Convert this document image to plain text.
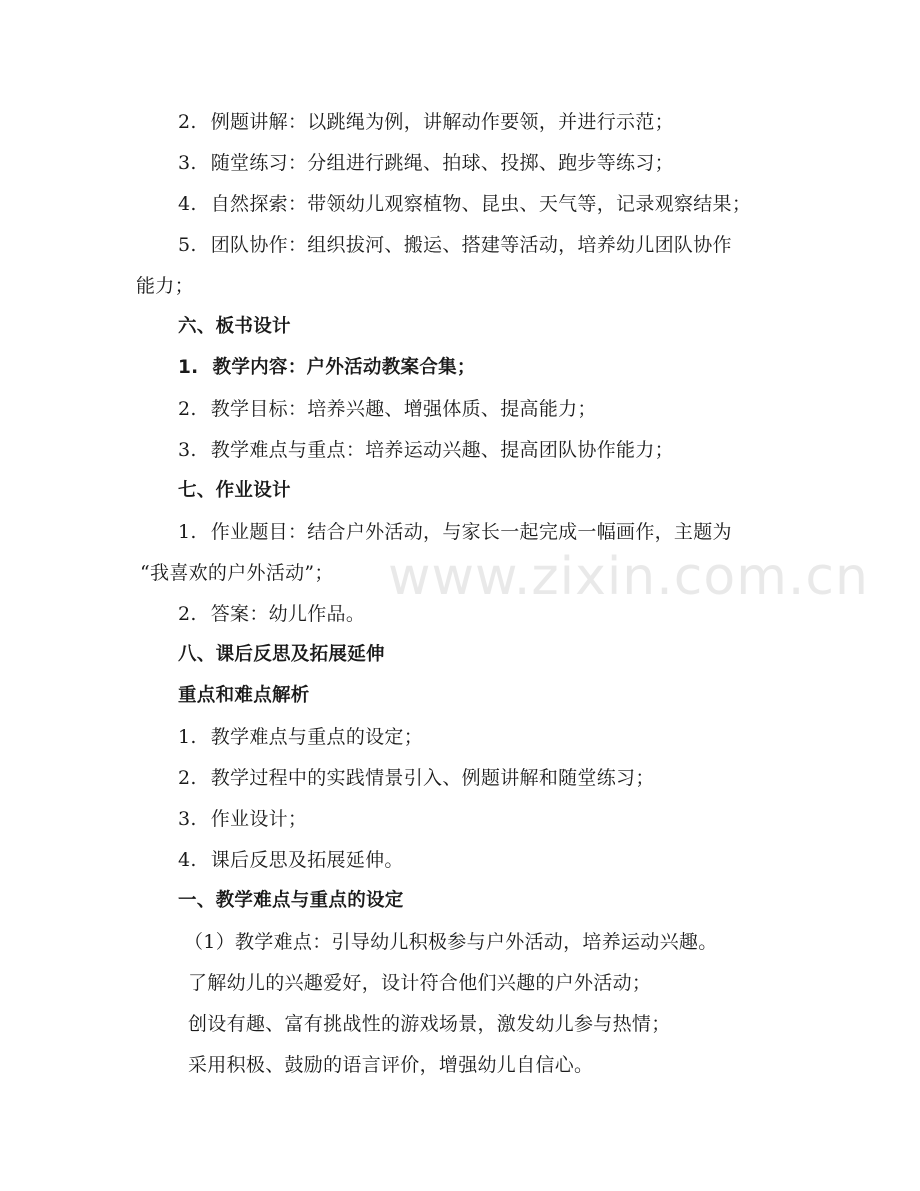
www.zixin.com.cn
2. 例题讲解：以跳绳为例，讲解动作要领，并进行示范；
3. 随堂练习：分组进行跳绳、拍球、投掷、跑步等练习；
4. 自然探索：带领幼儿观察植物、昆虫、天气等，记录观察结果；
5. 团队协作：组织拔河、搬运、搭建等活动，培养幼儿团队协作
能力；
六、板书设计
1. 教学内容：户外活动教案合集；
2. 教学目标：培养兴趣、增强体质、提高能力；
3. 教学难点与重点：培养运动兴趣、提高团队协作能力；
七、作业设计
1. 作业题目：结合户外活动，与家长一起完成一幅画作，主题为
“我喜欢的户外活动”；
2. 答案：幼儿作品。
八、课后反思及拓展延伸
重点和难点解析
1. 教学难点与重点的设定；
2. 教学过程中的实践情景引入、例题讲解和随堂练习；
3. 作业设计；
4. 课后反思及拓展延伸。
一、教学难点与重点的设定
（1）教学难点：引导幼儿积极参与户外活动，培养运动兴趣。
了解幼儿的兴趣爱好，设计符合他们兴趣的户外活动；
创设有趣、富有挑战性的游戏场景，激发幼儿参与热情；
采用积极、鼓励的语言评价，增强幼儿自信心。
